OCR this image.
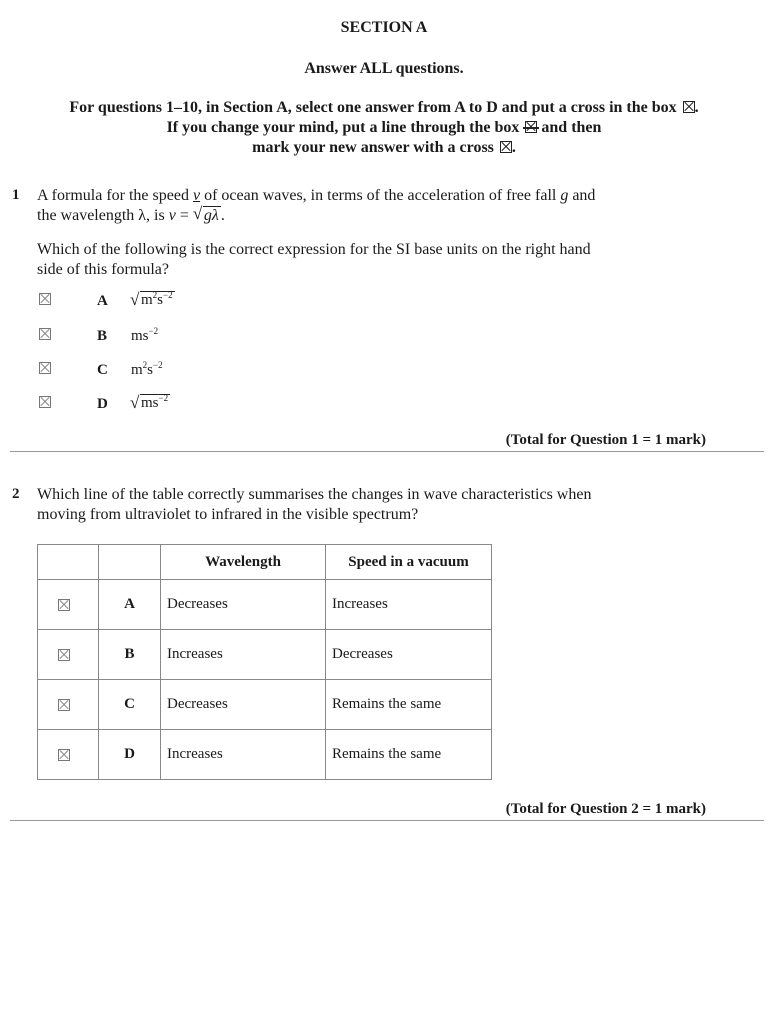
SECTION A
Answer ALL questions.
For questions 1–10, in Section A, select one answer from A to D and put a cross in the box ☒.
If you change your mind, put a line through the box and then
mark your new answer with a cross ☒.
1 A formula for the speed v of ocean waves, in terms of the acceleration of free fall g and
the wavelength λ, is v = √ gλ .
Which of the following is the correct expression for the SI base units on the right hand
side of this formula?
A √ $m^2s^{-2}$
B $ms^{-2}$
C $m^2s^{-2}$
D √ $ms^{-2}$
(Total for Question 1 = 1 mark)
2 Which line of the table correctly summarises the changes in wave characteristics when
moving from ultraviolet to infrared in the visible spectrum?
		Wavelength	Speed in a vacuum

	A	Decreases	Increases

	B	Increases	Decreases

	C	Decreases	Remains the same

	D	Increases	Remains the same
(Total for Question 2 = 1 mark)
